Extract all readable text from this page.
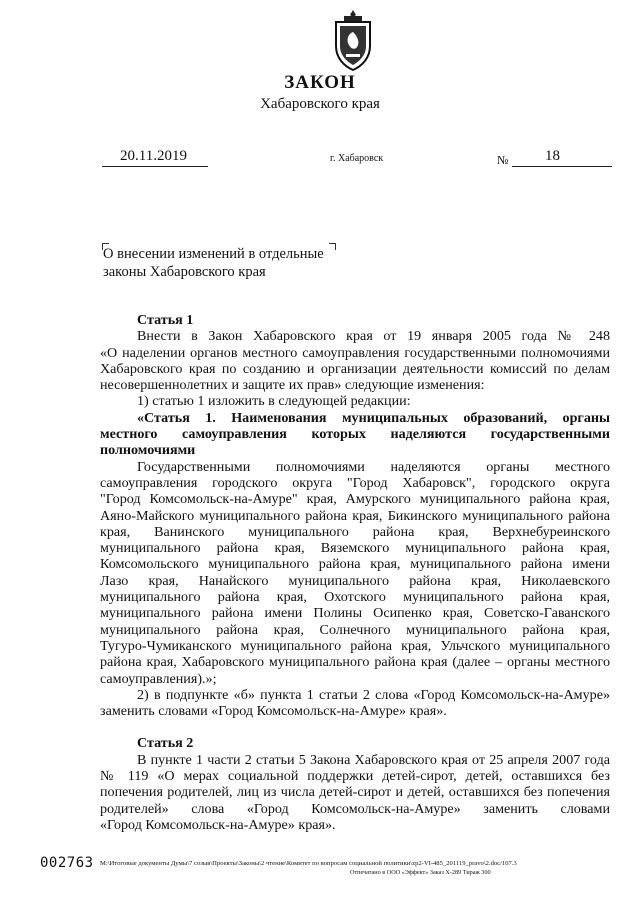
ЗАКОН
Хабаровского края
20.11.2019	г. Хабаровск	№ 18
О внесении изменений в отдельные
законы Хабаровского края

Статья 1

Внести в Закон Хабаровского края от 19 января 2005 года № 248

«О наделении органов местного самоуправления государственными полномочиями

Хабаровского края по созданию и организации деятельности комиссий по делам

несовершеннолетних и защите их прав» следующие изменения:

1) статью 1 изложить в следующей редакции:

«Статья 1. Наименования муниципальных образований, органы

местного самоуправления которых наделяются государственными

полномочиями

Государственными полномочиями наделяются органы местного

самоуправления городского округа "Город Хабаровск", городского округа

"Город Комсомольск-на-Амуре" края, Амурского муниципального района края,

Аяно-Майского муниципального района края, Бикинского муниципального района

края, Ванинского муниципального района края, Верхнебуреинского

муниципального района края, Вяземского муниципального района края,

Комсомольского муниципального района края, муниципального района имени

Лазо края, Нанайского муниципального района края, Николаевского

муниципального района края, Охотского муниципального района края,

муниципального района имени Полины Осипенко края, Советско-Гаванского

муниципального района края, Солнечного муниципального района края,

Тугуро-Чумиканского муниципального района края, Ульчского муниципального

района края, Хабаровского муниципального района края (далее – органы местного

самоуправления).»;

2) в подпункте «б» пункта 1 статьи 2 слова «Город Комсомольск-на-Амуре»

заменить словами «Город Комсомольск-на-Амуре» края».

Статья 2

В пункте 1 части 2 статьи 5 Закона Хабаровского края от 25 апреля 2007 года

№ 119 «О мерах социальной поддержки детей-сирот, детей, оставшихся без

попечения родителей, лиц из числа детей-сирот и детей, оставшихся без попечения

родителей» слова «Город Комсомольск-на-Амуре» заменить словами

«Город Комсомольск-на-Амуре» края».

002763 M:\Итоговые документы Думы\7 созыв\Проекты\Законы\2 чтение\Комитет по вопросам социальной политики\zp2-VI-485_201119_pravo\2.doc/107.3
Отпечатано в ООО «Эффект» Заказ Х-289 Тираж 300
